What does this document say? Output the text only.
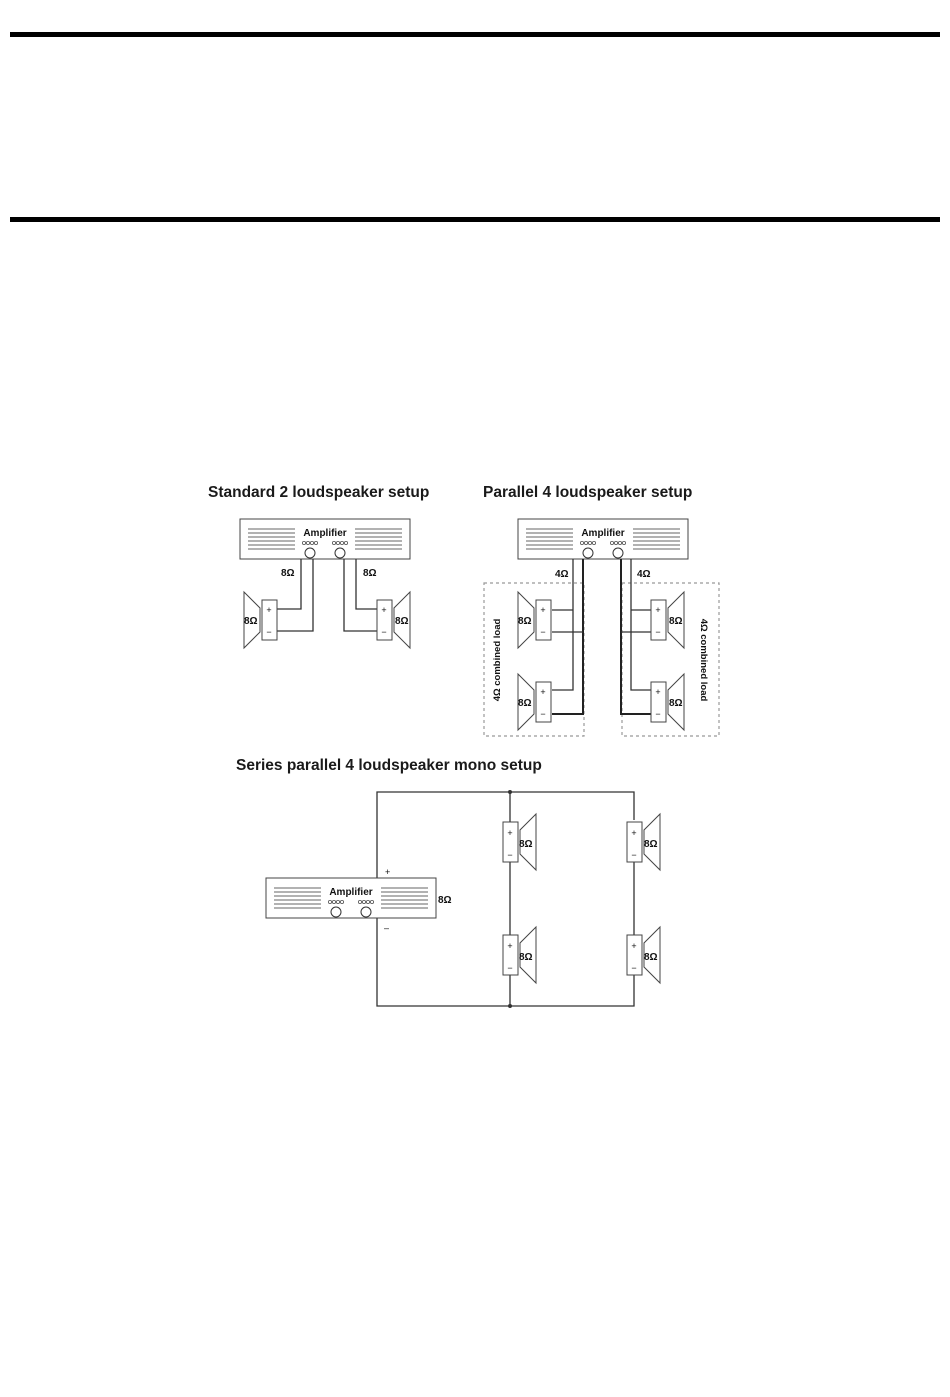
Standard 2 loudspeaker setup
Amplifier
8Ω	8Ω
+
−
8Ω
+
−
8Ω
Parallel 4 loudspeaker setup
Amplifier
4Ω	4Ω
+
−
8Ω
+
−
8Ω
+
−
8Ω
+
−
8Ω
4Ω combined load	4Ω combined load
Series parallel 4 loudspeaker mono setup
Amplifier
8Ω
+
–
+
−
8Ω
+
−
8Ω
+
−
8Ω
+
−
8Ω
